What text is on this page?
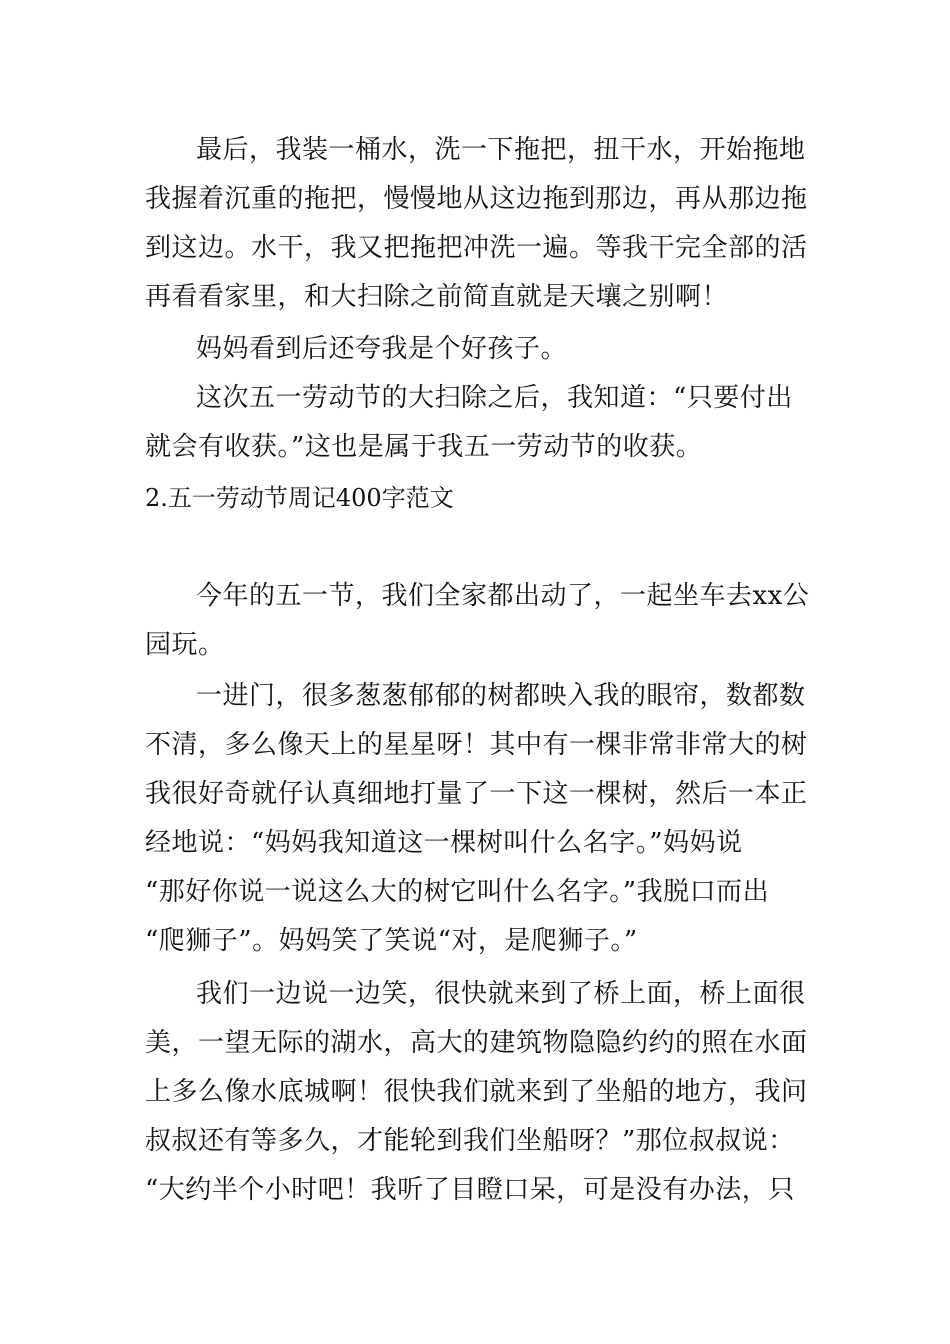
最后，我装一桶水，洗一下拖把，扭干水，开始拖地
我握着沉重的拖把，慢慢地从这边拖到那边，再从那边拖
到这边。水干，我又把拖把冲洗一遍。等我干完全部的活
再看看家里，和大扫除之前简直就是天壤之别啊！
妈妈看到后还夸我是个好孩子。
这次五一劳动节的大扫除之后，我知道：“只要付出
就会有收获。”这也是属于我五一劳动节的收获。
2.五一劳动节周记400字范文
今年的五一节，我们全家都出动了，一起坐车去xx公
园玩。
一进门，很多葱葱郁郁的树都映入我的眼帘，数都数
不清，多么像天上的星星呀！其中有一棵非常非常大的树
我很好奇就仔认真细地打量了一下这一棵树，然后一本正
经地说：“妈妈我知道这一棵树叫什么名字。”妈妈说
“那好你说一说这么大的树它叫什么名字。”我脱口而出
“爬狮子”。妈妈笑了笑说“对，是爬狮子。”
我们一边说一边笑，很快就来到了桥上面，桥上面很
美，一望无际的湖水，高大的建筑物隐隐约约的照在水面
上多么像水底城啊！很快我们就来到了坐船的地方，我问
叔叔还有等多久，才能轮到我们坐船呀？”那位叔叔说：
“大约半个小时吧！我听了目瞪口呆，可是没有办法，只
